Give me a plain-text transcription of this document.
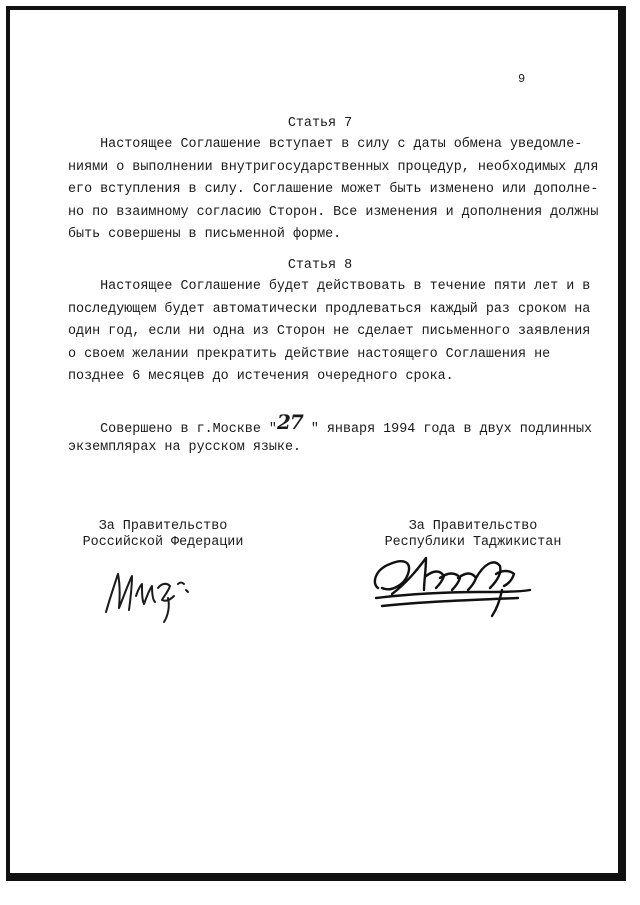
9
Статья 7
Настоящее Соглашение вступает в силу с даты обмена уведомле-
ниями о выполнении внутригосударственных процедур, необходимых для
его вступления в силу. Соглашение может быть изменено или дополне-
но по взаимному согласию Сторон. Все изменения и дополнения должны
быть совершены в письменной форме.
Статья 8
Настоящее Соглашение будет действовать в течение пяти лет и в
последующем будет автоматически продлеваться каждый раз сроком на
один год, если ни одна из Сторон не сделает письменного заявления
о своем желании прекратить действие настоящего Соглашения не
позднее 6 месяцев до истечения очередного срока.
Совершено в г.Москве "27 " января 1994 года в двух подлинных
экземплярах на русском языке.
За Правительство
Российской Федерации
За Правительство
Республики Таджикистан
